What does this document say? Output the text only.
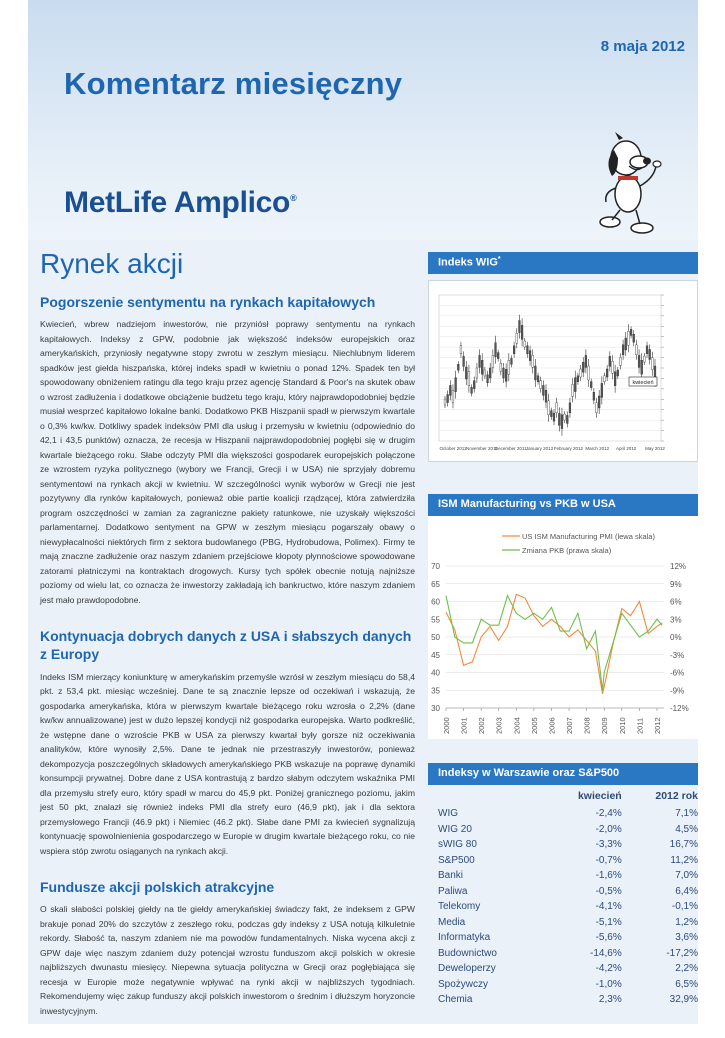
8 maja 2012
Komentarz miesięczny
MetLife Amplico®
Rynek akcji
Pogorszenie sentymentu na rynkach kapitałowych

Kwiecień, wbrew nadziejom inwestorów, nie przyniósł poprawy sentymentu na rynkach kapitałowych. Indeksy z GPW, podobnie jak większość indeksów europejskich oraz amerykańskich, przyniosły negatywne stopy zwrotu w zeszłym miesiącu. Niechlubnym liderem spadków jest giełda hiszpańska, której indeks spadł w kwietniu o ponad 12%. Spadek ten był spowodowany obniżeniem ratingu dla tego kraju przez agencję Standard & Poor's na skutek obaw o wzrost zadłużenia i dodatkowe obciążenie budżetu tego kraju, który najprawdopodobniej będzie musiał wesprzeć kapitałowo lokalne banki. Dodatkowo PKB Hiszpanii spadł w pierwszym kwartale o 0,3% kw/kw. Dotkliwy spadek indeksów PMI dla usług i przemysłu w kwietniu (odpowiednio do 42,1 i 43,5 punktów) oznacza, że recesja w Hiszpanii najprawdopodobniej pogłębi się w drugim kwartale bieżącego roku. Słabe odczyty PMI dla większości gospodarek europejskich połączone ze wzrostem ryzyka politycznego (wybory we Francji, Grecji i w USA) nie sprzyjały dobremu sentymentowi na rynkach akcji w kwietniu. W szczególności wynik wyborów w Grecji nie jest pozytywny dla rynków kapitałowych, ponieważ obie partie koalicji rządzącej, która zatwierdziła program oszczędności w zamian za zagraniczne pakiety ratunkowe, nie uzyskały większości parlamentarnej. Dodatkowo sentyment na GPW w zeszłym miesiącu pogarszały obawy o niewypłacalności niektórych firm z sektora budowlanego (PBG, Hydrobudowa, Polimex). Firmy te mają znaczne zadłużenie oraz naszym zdaniem przejściowe kłopoty płynnościowe spowodowane zatorami płatniczymi na kontraktach drogowych. Kursy tych spółek obecnie notują najniższe poziomy od wielu lat, co oznacza że inwestorzy zakładają ich bankructwo, które naszym zdaniem jest mało prawdopodobne.

Kontynuacja dobrych danych z USA i słabszych danych z Europy

Indeks ISM mierzący koniunkturę w amerykańskim przemyśle wzrósł w zeszłym miesiącu do 58,4 pkt. z 53,4 pkt. miesiąc wcześniej. Dane te są znacznie lepsze od oczekiwań i wskazują, że gospodarka amerykańska, która w pierwszym kwartale bieżącego roku wzrosła o 2,2% (dane kw/kw annualizowane) jest w dużo lepszej kondycji niż gospodarka europejska. Warto podkreślić, że wstępne dane o wzroście PKB w USA za pierwszy kwartał były gorsze niż oczekiwania analityków, które wynosiły 2,5%. Dane te jednak nie przestraszyły inwestorów, ponieważ dekompozycja poszczególnych składowych amerykańskiego PKB wskazuje na poprawę dynamiki konsumpcji prywatnej. Dobre dane z USA kontrastują z bardzo słabym odczytem wskaźnika PMI dla przemysłu strefy euro, który spadł w marcu do 45,9 pkt. Poniżej granicznego poziomu, jakim jest 50 pkt, znalazł się również indeks PMI dla strefy euro (46,9 pkt), jak i dla sektora przemysłowego Francji (46.9 pkt) i Niemiec (46.2 pkt). Słabe dane PMI za kwiecień sygnalizują kontynuację spowolnienienia gospodarczego w Europie w drugim kwartale bieżącego roku, co nie wspiera stóp zwrotu osiąganych na rynkach akcji.

Fundusze akcji polskich atrakcyjne

O skali słabości polskiej giełdy na tle giełdy amerykańskiej świadczy fakt, że indeksem z GPW brakuje ponad 20% do szczytów z zeszłego roku, podczas gdy indeksy z USA notują kilkuletnie rekordy. Słabość ta, naszym zdaniem nie ma powodów fundamentalnych. Niska wycena akcji z GPW daje więc naszym zdaniem duży potencjał wzrostu funduszom akcji polskich w okresie najbliższych dwunastu miesięcy. Niepewna sytuacja polityczna w Grecji oraz pogłębiająca się recesja w Europie może negatywnie wpływać na rynki akcji w najbliższych tygodniach. Rekomendujemy więc zakup funduszy akcji polskich inwestorom o średnim i dłuższym horyzoncie inwestycyjnym.

Indeks WIG*
kwiecień
October 2011 November 2011
December 2011 January 2012 February 2012 March 2012 April 2012 May 2012
ISM Manufacturing vs PKB w USA
US ISM Manufacturing PMI (lewa skala)
Zmiana PKB (prawa skala)
70
65
60
55
50
45
40
35
30
12%
9%
6%
3%
0%
-3%
-6%
-9%
-12%
2000 2001 2002 2003 2004 2005 2006 2007 2008 2009 2010 2011 2012
Indeksy w Warszawie oraz S&P500
	kwiecień	2012 rok
WIG	-2,4%	7,1%
WIG 20	-2,0%	4,5%
sWIG 80	-3,3%	16,7%
S&P500	-0,7%	11,2%
Banki	-1,6%	7,0%
Paliwa	-0,5%	6,4%
Telekomy	-4,1%	-0,1%
Media	-5,1%	1,2%
Informatyka	-5,6%	3,6%
Budownictwo	-14,6%	-17,2%
Deweloperzy	-4,2%	2,2%
Spożywczy	-1,0%	6,5%
Chemia	2,3%	32,9%
